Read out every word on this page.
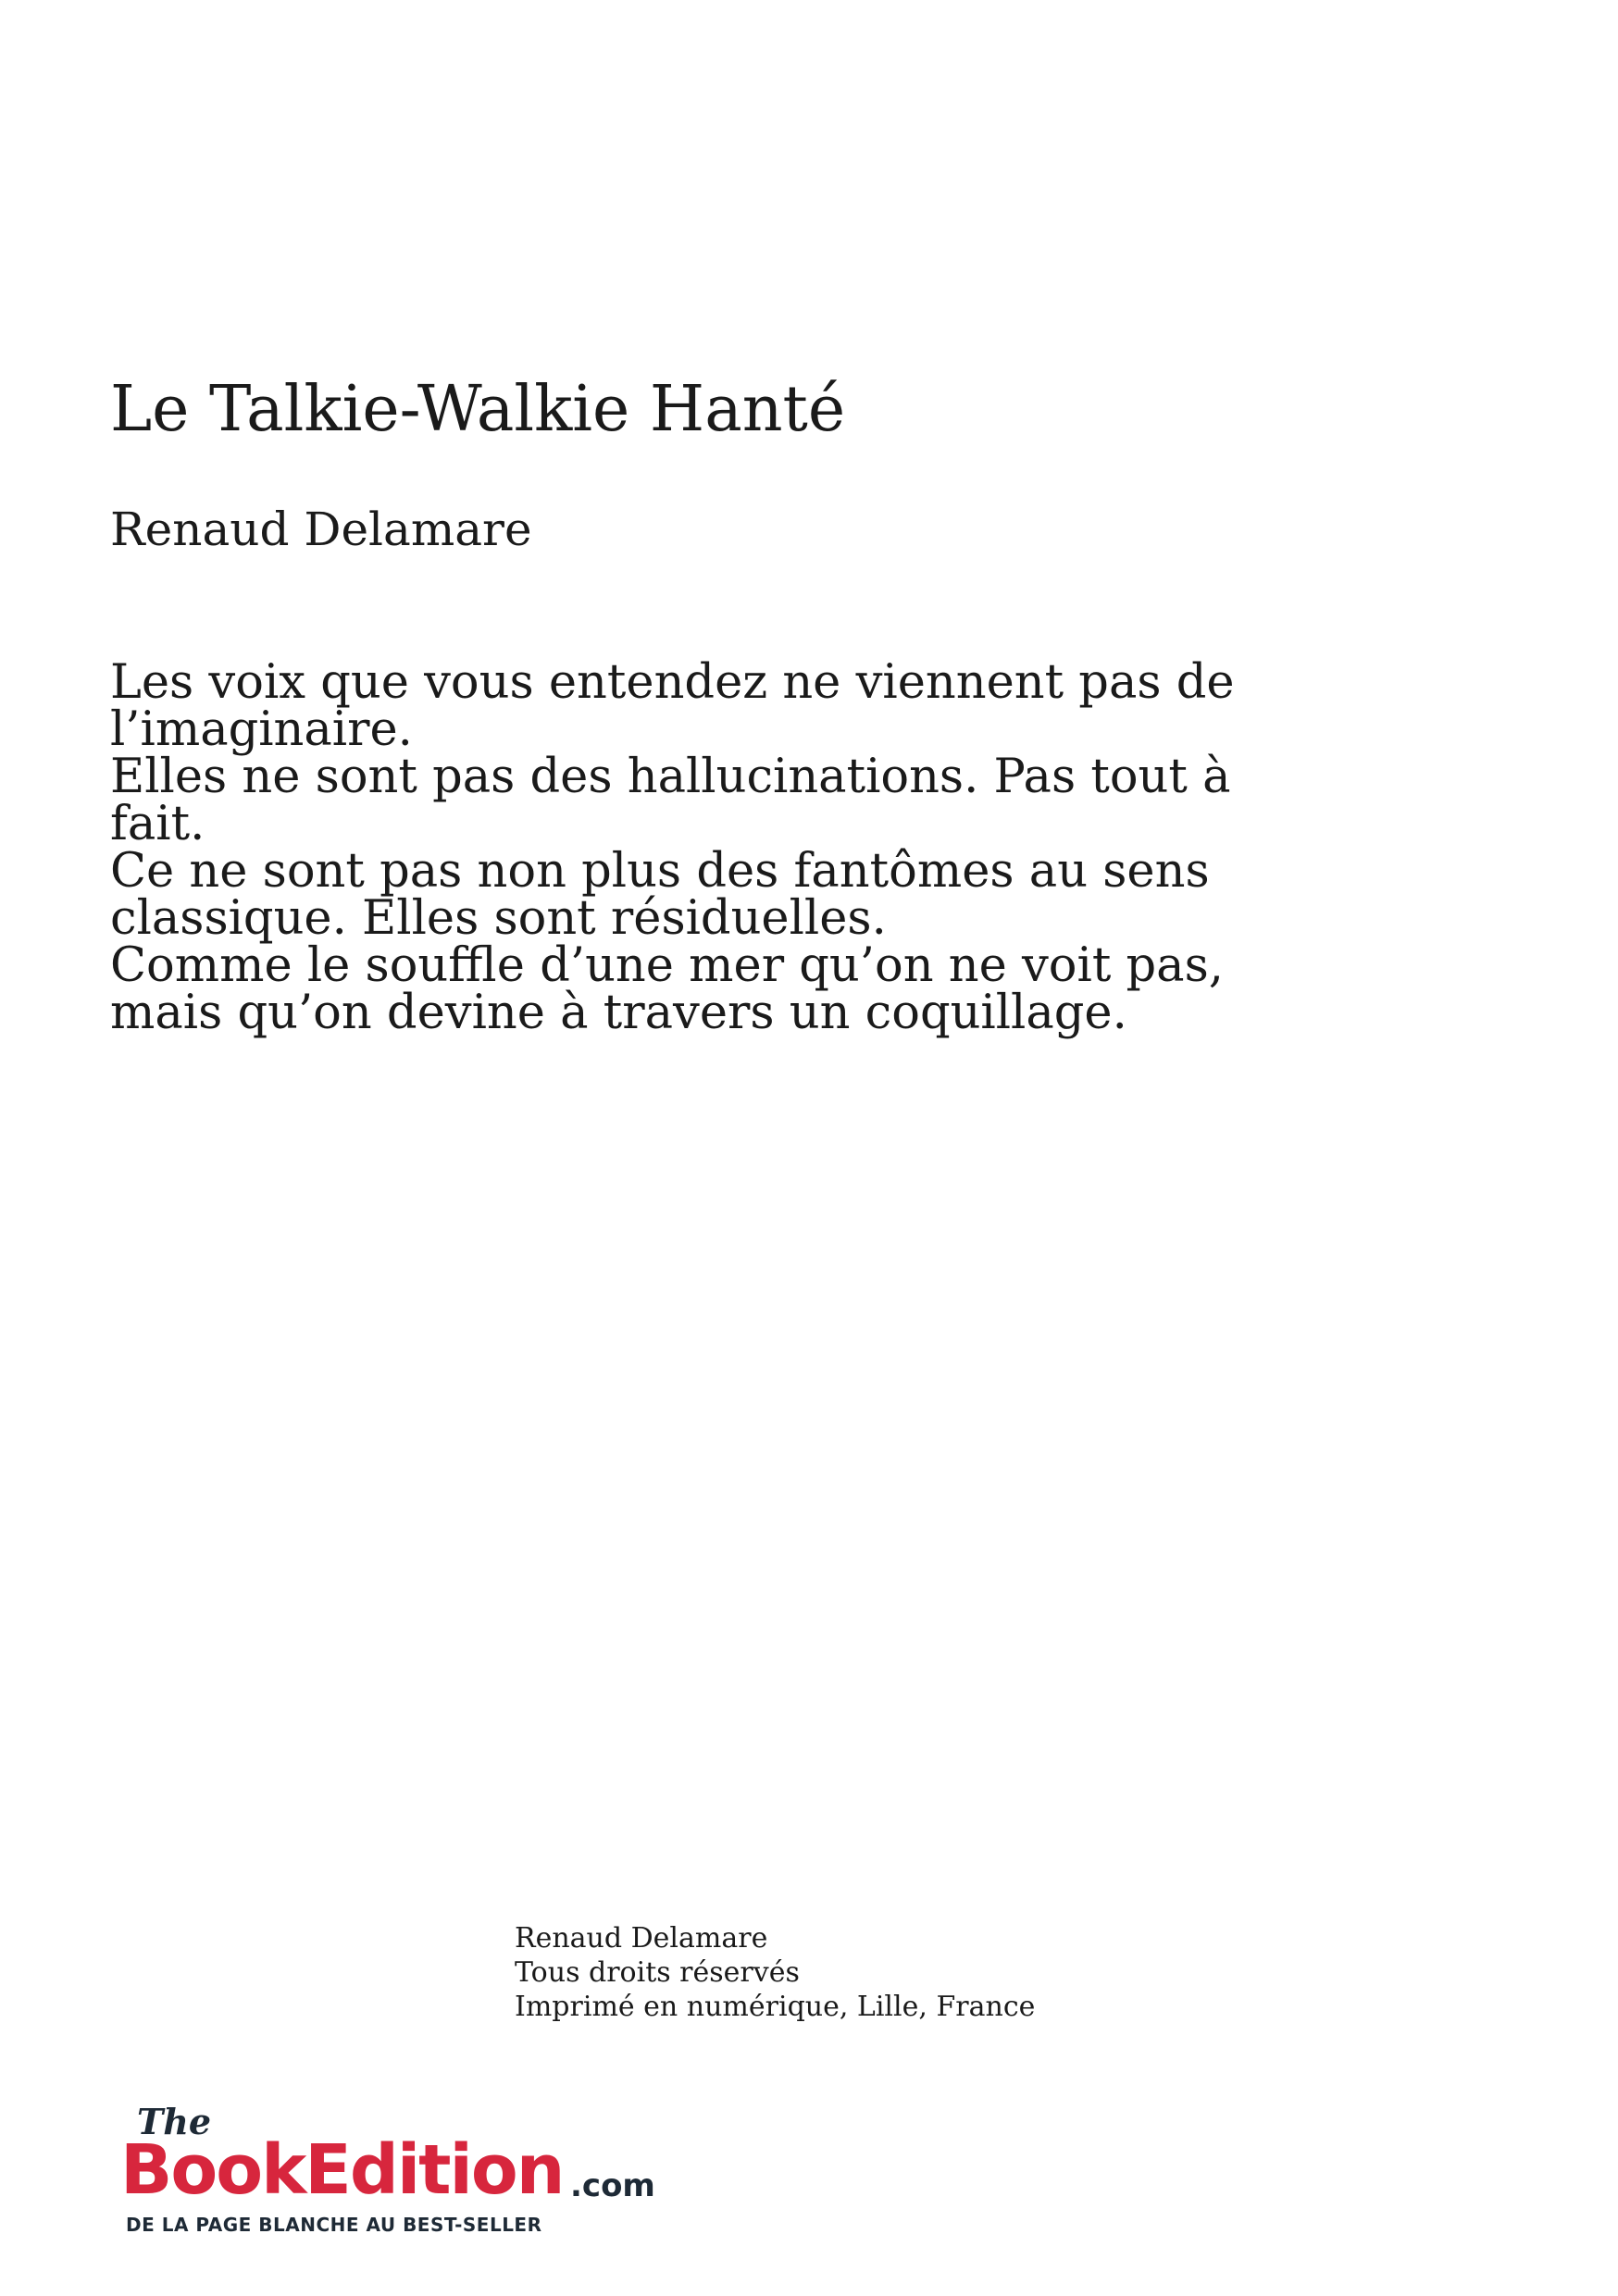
Le Talkie-Walkie Hanté
Renaud Delamare

Les voix que vous entendez ne viennent pas de l’imaginaire.

Elles ne sont pas des hallucinations. Pas tout à fait.

Ce ne sont pas non plus des fantômes au sens classique. Elles sont résiduelles.

Comme le souffle d’une mer qu’on ne voit pas, mais qu’on devine à travers un coquillage.

Renaud Delamare
Tous droits réservés
Imprimé en numérique, Lille, France
The
BookEdition .com
DE LA PAGE BLANCHE AU BEST-SELLER
